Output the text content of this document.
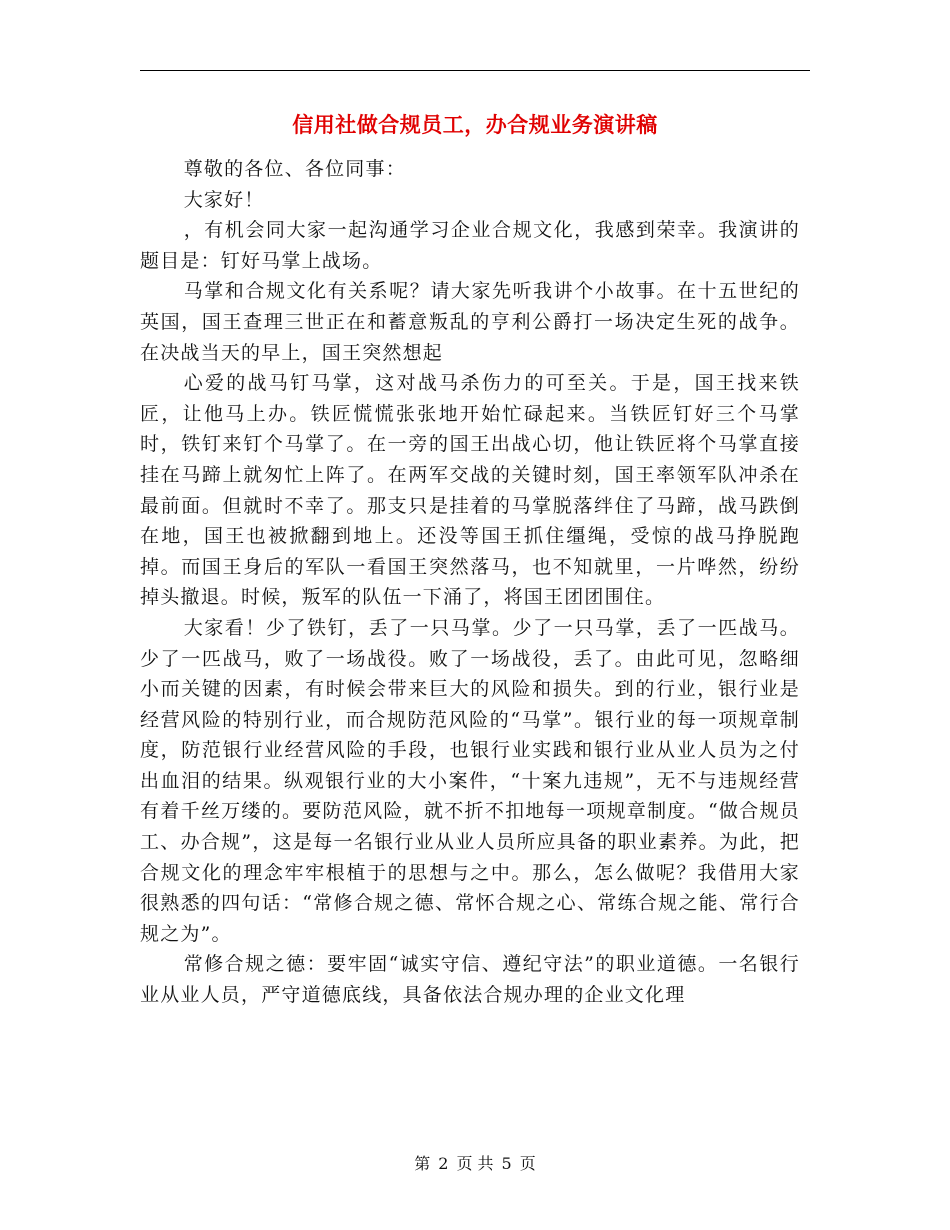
信用社做合规员工，办合规业务演讲稿

尊敬的各位、各位同事：

大家好！

，有机会同大家一起沟通学习企业合规文化，我感到荣幸。我演讲的题目是：钉好马掌上战场。

马掌和合规文化有关系呢？请大家先听我讲个小故事。在十五世纪的英国，国王查理三世正在和蓄意叛乱的亨利公爵打一场决定生死的战争。在决战当天的早上，国王突然想起

心爱的战马钉马掌，这对战马杀伤力的可至关。于是，国王找来铁匠，让他马上办。铁匠慌慌张张地开始忙碌起来。当铁匠钉好三个马掌时，铁钉来钉个马掌了。在一旁的国王出战心切，他让铁匠将个马掌直接挂在马蹄上就匆忙上阵了。在两军交战的关键时刻，国王率领军队冲杀在最前面。但就时不幸了。那支只是挂着的马掌脱落绊住了马蹄，战马跌倒在地，国王也被掀翻到地上。还没等国王抓住缰绳，受惊的战马挣脱跑掉。而国王身后的军队一看国王突然落马，也不知就里，一片哗然，纷纷掉头撤退。时候，叛军的队伍一下涌了，将国王团团围住。

大家看！少了铁钉，丢了一只马掌。少了一只马掌，丢了一匹战马。少了一匹战马，败了一场战役。败了一场战役，丢了。由此可见，忽略细小而关键的因素，有时候会带来巨大的风险和损失。到的行业，银行业是经营风险的特别行业，而合规防范风险的“马掌”。银行业的每一项规章制度，防范银行业经营风险的手段，也银行业实践和银行业从业人员为之付出血泪的结果。纵观银行业的大小案件，“十案九违规”，无不与违规经营有着千丝万缕的。要防范风险，就不折不扣地每一项规章制度。“做合规员工、办合规”，这是每一名银行业从业人员所应具备的职业素养。为此，把合规文化的理念牢牢根植于的思想与之中。那么，怎么做呢？我借用大家很熟悉的四句话：“常修合规之德、常怀合规之心、常练合规之能、常行合规之为”。

常修合规之德：要牢固“诚实守信、遵纪守法”的职业道德。一名银行业从业人员，严守道德底线，具备依法合规办理的企业文化理

第 2 页 共 5 页
